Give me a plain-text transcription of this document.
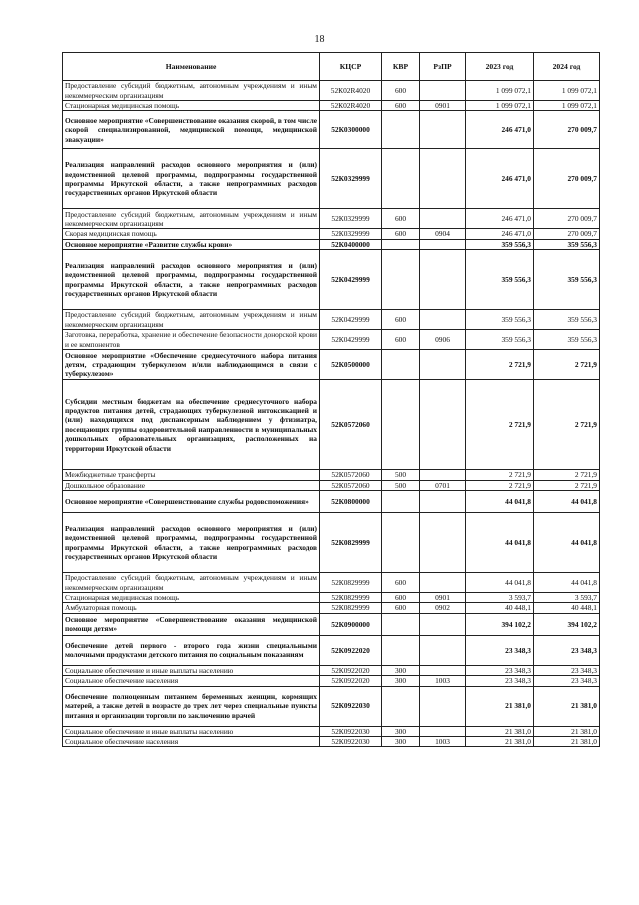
18
Наименование	КЦСР	КВР	РзПР	2023 год	2024 год
Предоставление субсидий бюджетным, автономным учреждениям и иным некоммерческим организациям	52К02R4020	600		1 099 072,1	1 099 072,1
Стационарная медицинская помощь	52К02R4020	600	0901	1 099 072,1	1 099 072,1
Основное мероприятие «Совершенствование оказания скорой, в том числе скорой специализированной, медицинской помощи, медицинской эвакуации»	52К0300000			246 471,0	270 009,7
Реализация направлений расходов основного мероприятия и (или) ведомственной целевой программы, подпрограммы государственной программы Иркутской области, а также непрограммных расходов государственных органов Иркутской области	52К0329999			246 471,0	270 009,7
Предоставление субсидий бюджетным, автономным учреждениям и иным некоммерческим организациям	52К0329999	600		246 471,0	270 009,7
Скорая медицинская помощь	52К0329999	600	0904	246 471,0	270 009,7
Основное мероприятие «Развитие службы крови»	52К0400000			359 556,3	359 556,3
Реализация направлений расходов основного мероприятия и (или) ведомственной целевой программы, подпрограммы государственной программы Иркутской области, а также непрограммных расходов государственных органов Иркутской области	52К0429999			359 556,3	359 556,3
Предоставление субсидий бюджетным, автономным учреждениям и иным некоммерческим организациям	52К0429999	600		359 556,3	359 556,3
Заготовка, переработка, хранение и обеспечение безопасности донорской крови и ее компонентов	52К0429999	600	0906	359 556,3	359 556,3
Основное мероприятие «Обеспечение среднесуточного набора питания детям, страдающим туберкулезом и/или наблюдающимся в связи с туберкулезом»	52К0500000			2 721,9	2 721,9
Субсидии местным бюджетам на обеспечение среднесуточного набора продуктов питания детей, страдающих туберкулезной интоксикацией и (или) находящихся под диспансерным наблюдением у фтизиатра, посещающих группы оздоровительной направленности в муниципальных дошкольных образовательных организациях, расположенных на территории Иркутской области	52К0572060			2 721,9	2 721,9
Межбюджетные трансферты	52К0572060	500		2 721,9	2 721,9
Дошкольное образование	52К0572060	500	0701	2 721,9	2 721,9
Основное мероприятие «Совершенствование службы родовспоможения»	52К0800000			44 041,8	44 041,8
Реализация направлений расходов основного мероприятия и (или) ведомственной целевой программы, подпрограммы государственной программы Иркутской области, а также непрограммных расходов государственных органов Иркутской области	52К0829999			44 041,8	44 041,8
Предоставление субсидий бюджетным, автономным учреждениям и иным некоммерческим организациям	52К0829999	600		44 041,8	44 041,8
Стационарная медицинская помощь	52К0829999	600	0901	3 593,7	3 593,7
Амбулаторная помощь	52К0829999	600	0902	40 448,1	40 448,1
Основное мероприятие «Совершенствование оказания медицинской помощи детям»	52К0900000			394 102,2	394 102,2
Обеспечение детей первого - второго года жизни специальными молочными продуктами детского питания по социальным показаниям	52К0922020			23 348,3	23 348,3
Социальное обеспечение и иные выплаты населению	52К0922020	300		23 348,3	23 348,3
Социальное обеспечение населения	52К0922020	300	1003	23 348,3	23 348,3
Обеспечение полноценным питанием беременных женщин, кормящих матерей, а также детей в возрасте до трех лет через специальные пункты питания и организации торговли по заключению врачей	52К0922030			21 381,0	21 381,0
Социальное обеспечение и иные выплаты населению	52К0922030	300		21 381,0	21 381,0
Социальное обеспечение населения	52К0922030	300	1003	21 381,0	21 381,0
